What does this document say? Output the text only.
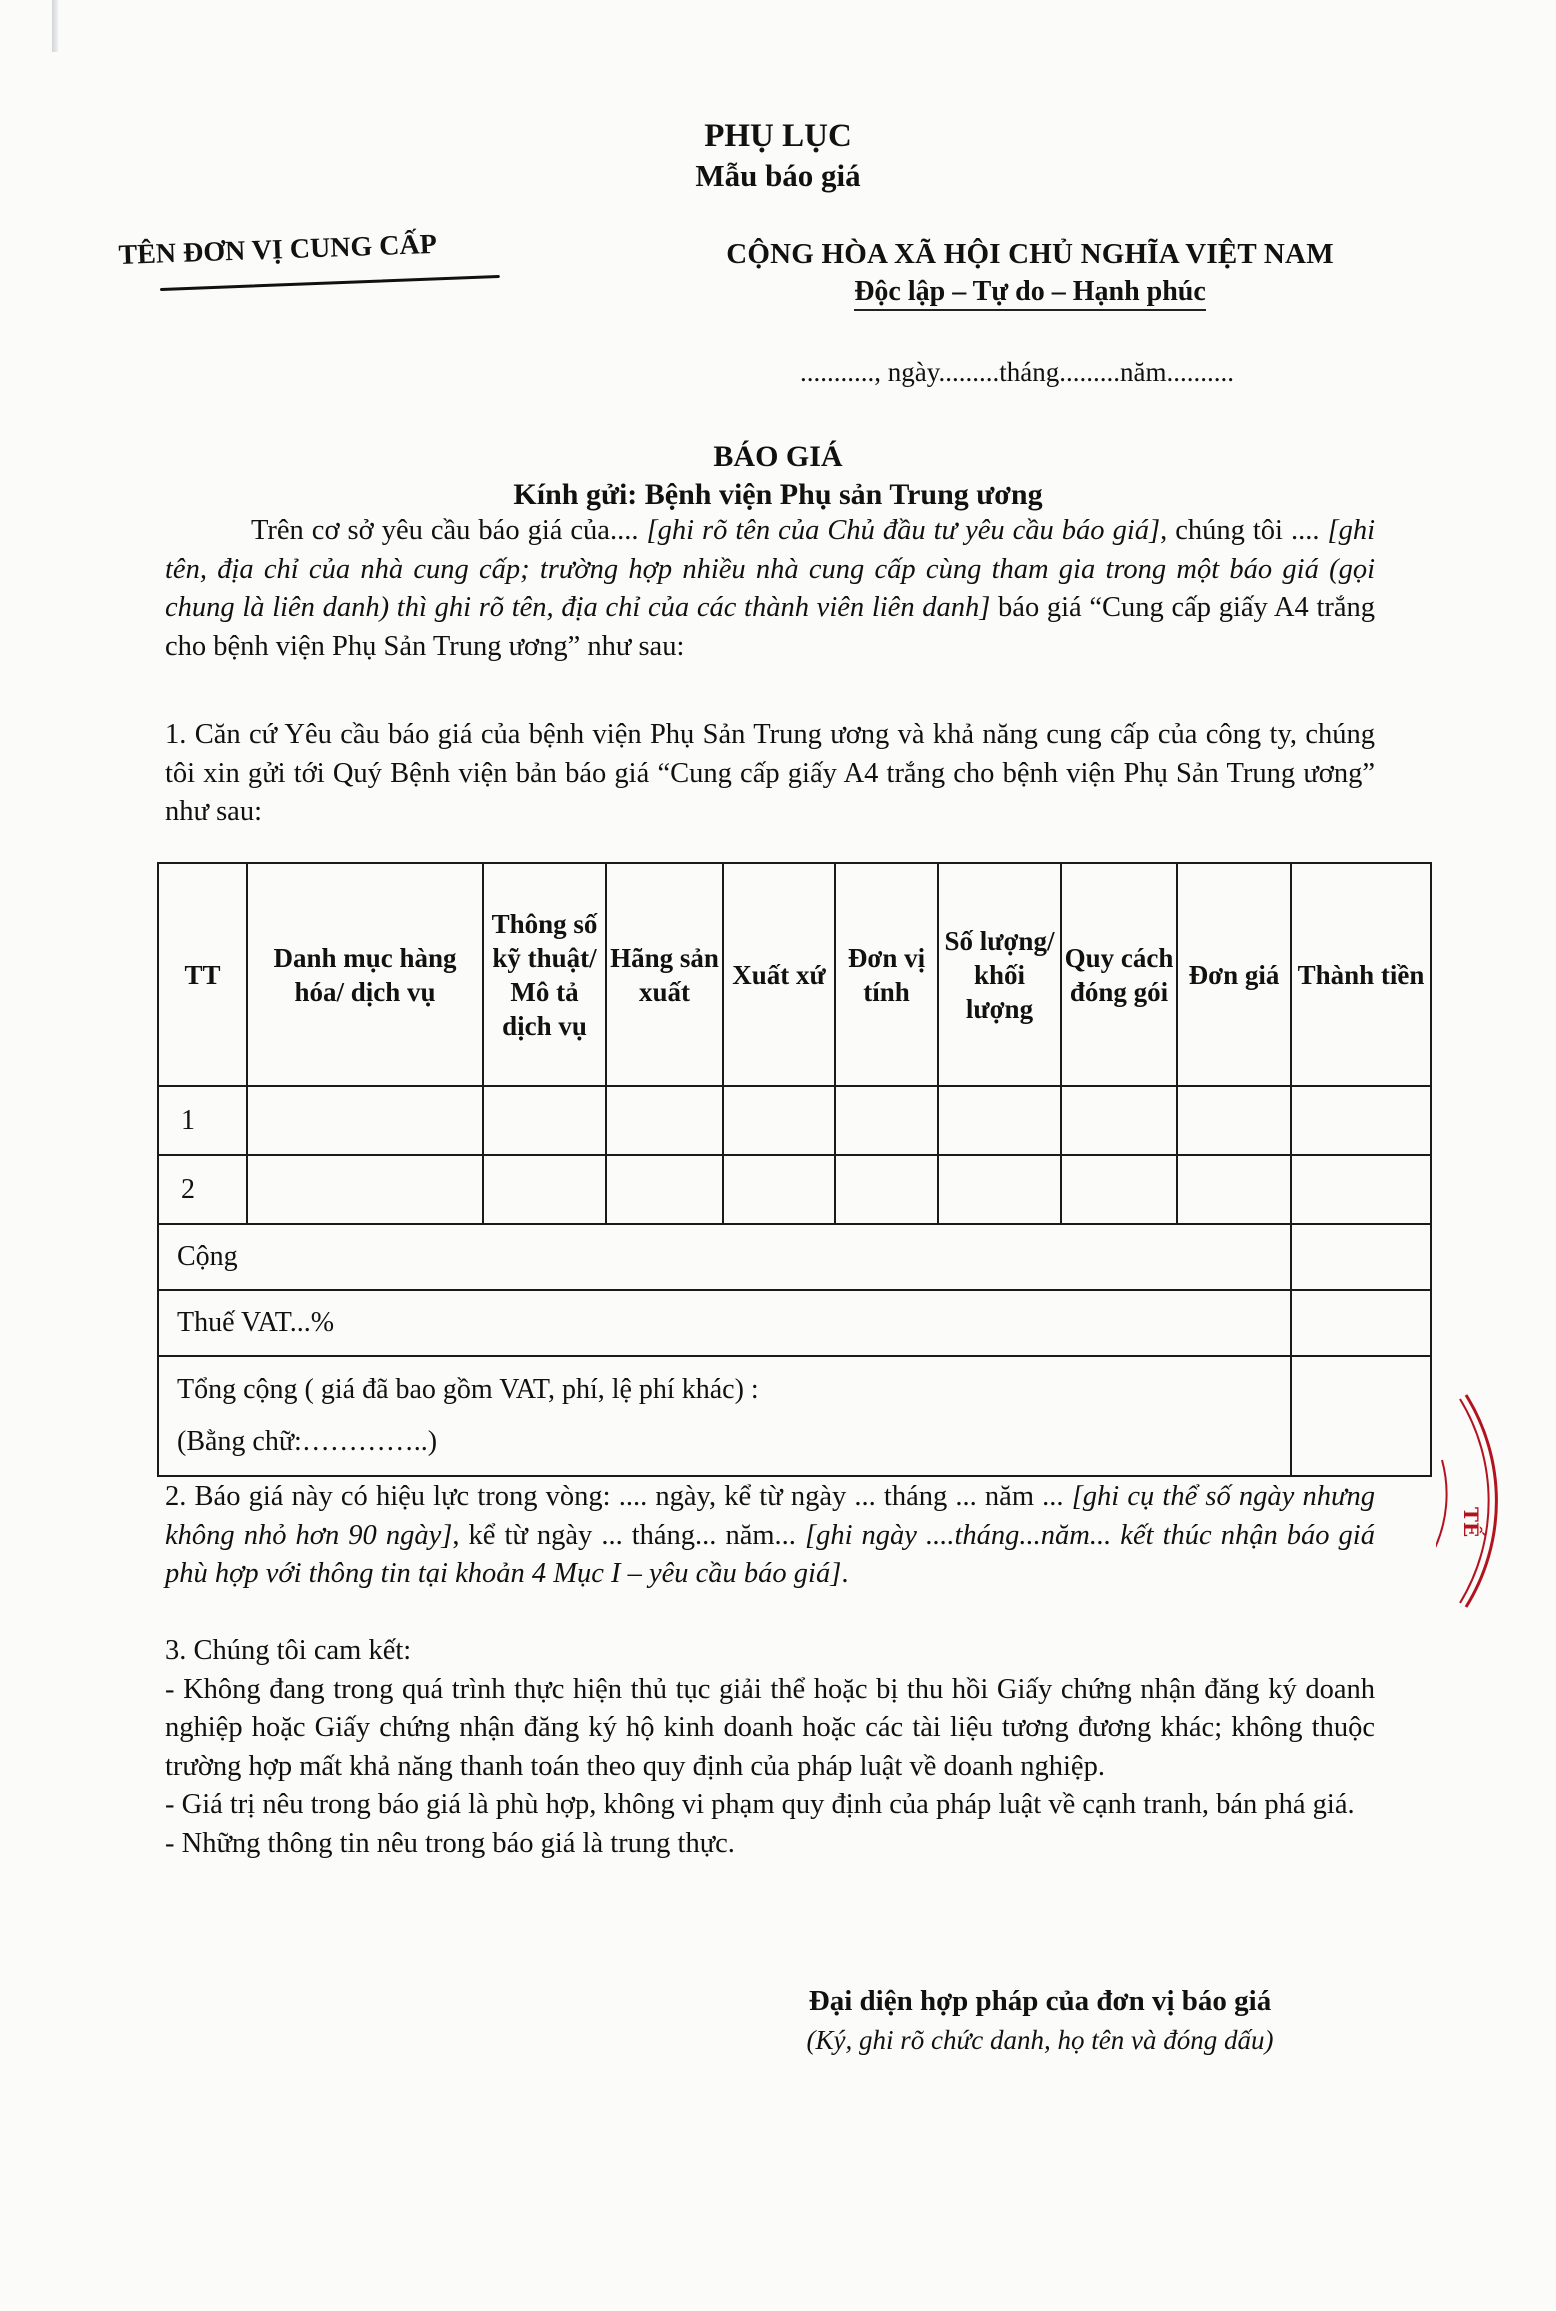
PHỤ LỤC
Mẫu báo giá
TÊN ĐƠN VỊ CUNG CẤP	CỘNG HÒA XÃ HỘI CHỦ NGHĨA VIỆT NAM
Độc lập – Tự do – Hạnh phúc
..........., ngày.........tháng.........năm..........
BÁO GIÁ
Kính gửi: Bệnh viện Phụ sản Trung ương
Trên cơ sở yêu cầu báo giá của.... [ghi rõ tên của Chủ đầu tư yêu cầu báo giá], chúng tôi .... [ghi tên, địa chỉ của nhà cung cấp; trường hợp nhiều nhà cung cấp cùng tham gia trong một báo giá (gọi chung là liên danh) thì ghi rõ tên, địa chỉ của các thành viên liên danh] báo giá “Cung cấp giấy A4 trắng cho bệnh viện Phụ Sản Trung ương” như sau:
1. Căn cứ Yêu cầu báo giá của bệnh viện Phụ Sản Trung ương và khả năng cung cấp của công ty, chúng tôi xin gửi tới Quý Bệnh viện bản báo giá “Cung cấp giấy A4 trắng cho bệnh viện Phụ Sản Trung ương” như sau:
TT	Danh mục hàng hóa/ dịch vụ	Thông số kỹ thuật/ Mô tả dịch vụ	Hãng sản xuất	Xuất xứ	Đơn vị tính	Số lượng/ khối lượng	Quy cách đóng gói	Đơn giá	Thành tiền
1									
2									
Cộng									
Thuế VAT...%									

Tổng cộng ( giá đã bao gồm VAT, phí, lệ phí khác) :
(Bằng chữ:…………..)									

2. Báo giá này có hiệu lực trong vòng: .... ngày, kể từ ngày ... tháng ... năm ... [ghi cụ thể số ngày nhưng không nhỏ hơn 90 ngày], kể từ ngày ... tháng... năm... [ghi ngày ....tháng...năm... kết thúc nhận báo giá phù hợp với thông tin tại khoản 4 Mục I – yêu cầu báo giá].
3. Chúng tôi cam kết:
- Không đang trong quá trình thực hiện thủ tục giải thể hoặc bị thu hồi Giấy chứng nhận đăng ký doanh nghiệp hoặc Giấy chứng nhận đăng ký hộ kinh doanh hoặc các tài liệu tương đương khác; không thuộc trường hợp mất khả năng thanh toán theo quy định của pháp luật về doanh nghiệp.
- Giá trị nêu trong báo giá là phù hợp, không vi phạm quy định của pháp luật về cạnh tranh, bán phá giá.
- Những thông tin nêu trong báo giá là trung thực.
Đại diện hợp pháp của đơn vị báo giá
(Ký, ghi rõ chức danh, họ tên và đóng dấu)
TẾ
